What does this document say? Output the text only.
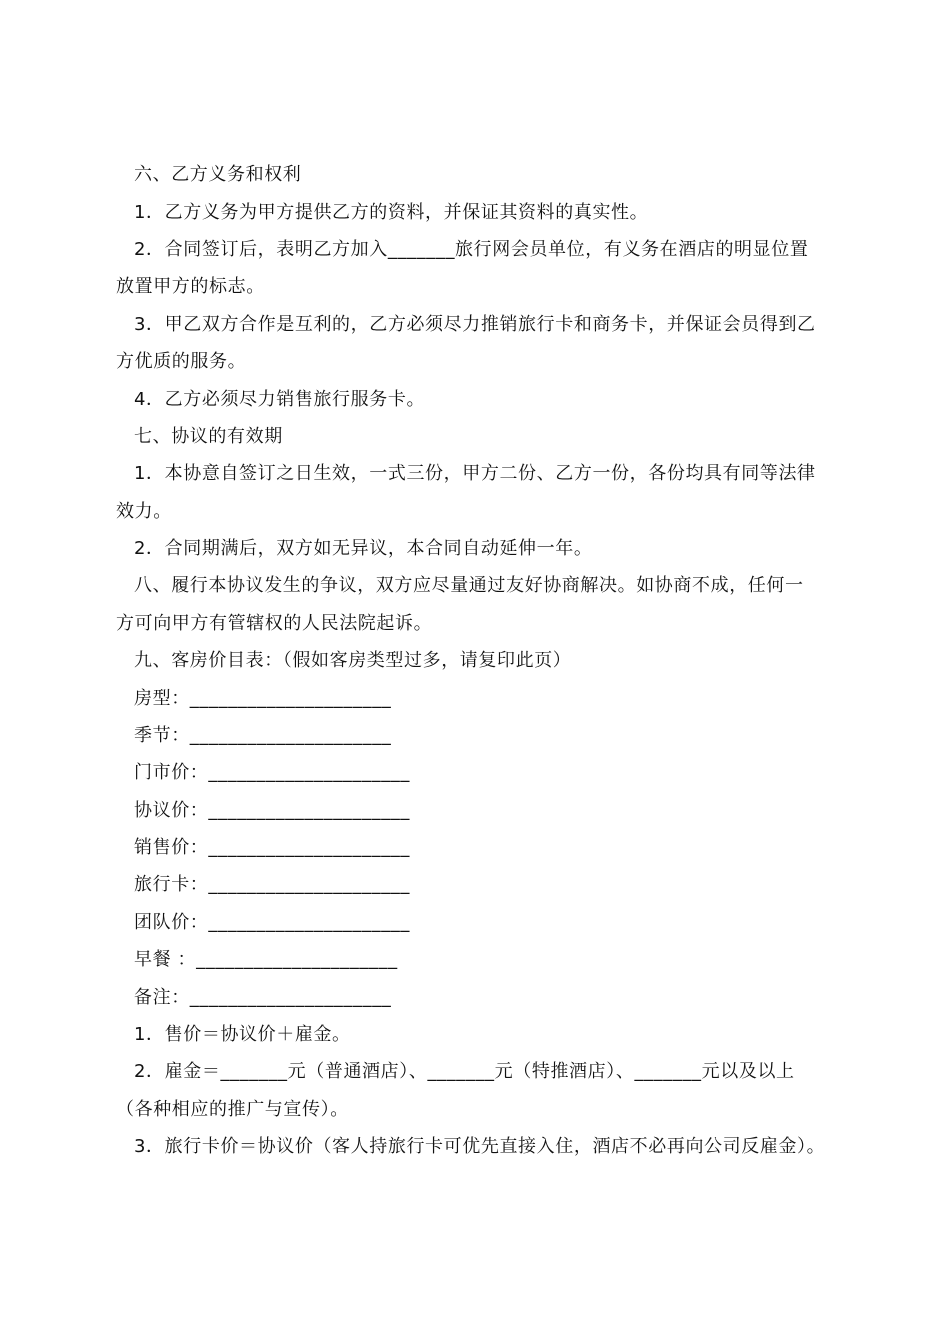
六、乙方义务和权利
1．乙方义务为甲方提供乙方的资料，并保证其资料的真实性。
2．合同签订后，表明乙方加入_______旅行网会员单位，有义务在酒店的明显位置
放置甲方的标志。
3．甲乙双方合作是互利的，乙方必须尽力推销旅行卡和商务卡，并保证会员得到乙
方优质的服务。
4．乙方必须尽力销售旅行服务卡。
七、协议的有效期
1．本协意自签订之日生效，一式三份，甲方二份、乙方一份，各份均具有同等法律
效力。
2．合同期满后，双方如无异议，本合同自动延伸一年。
八、履行本协议发生的争议，双方应尽量通过友好协商解决。如协商不成，任何一
方可向甲方有管辖权的人民法院起诉。
九、客房价目表：（假如客房类型过多，请复印此页）
房型：_____________________
季节：_____________________
门市价：_____________________
协议价：_____________________
销售价：_____________________
旅行卡：_____________________
团队价：_____________________
早餐 ：_____________________
备注：_____________________
1．售价＝协议价＋雇金。
2．雇金＝_______元（普通酒店）、_______元（特推酒店）、_______元以及以上
（各种相应的推广与宣传）。
3．旅行卡价＝协议价（客人持旅行卡可优先直接入住，酒店不必再向公司反雇金）。
